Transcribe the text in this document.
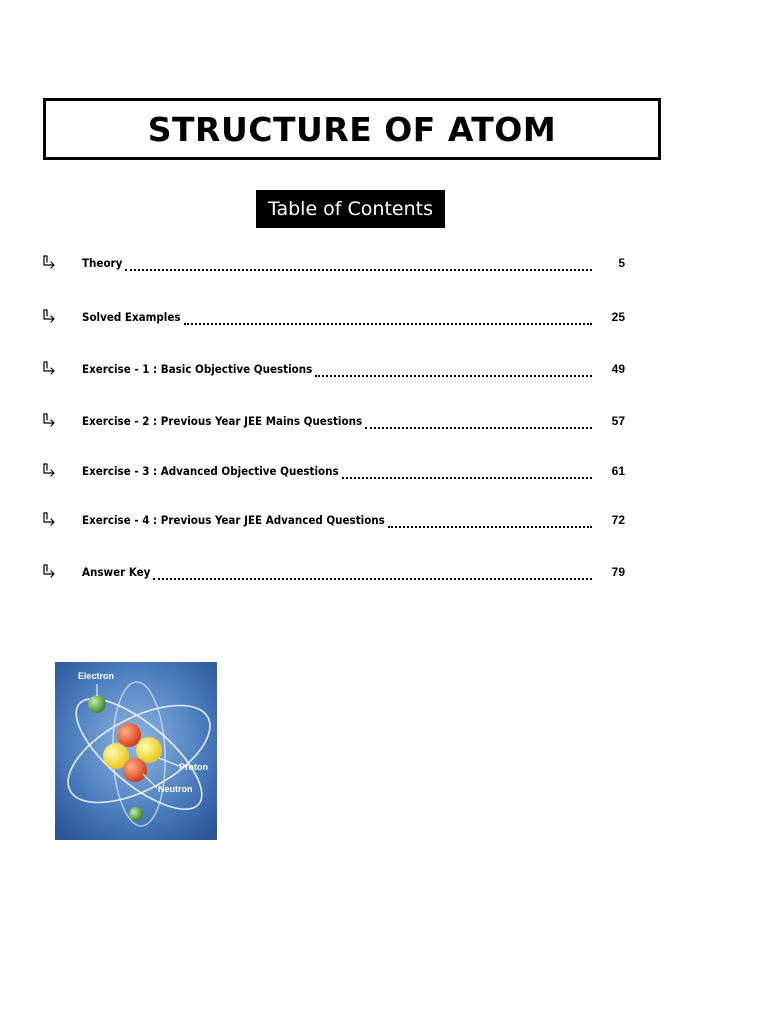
STRUCTURE OF ATOM
Table of Contents
Theory	5
Solved Examples	25
Exercise - 1 : Basic Objective Questions	49
Exercise - 2 : Previous Year JEE Mains Questions	57
Exercise - 3 : Advanced Objective Questions	61
Exercise - 4 : Previous Year JEE Advanced Questions	72
Answer Key	79
Electron
Proton
Neutron
